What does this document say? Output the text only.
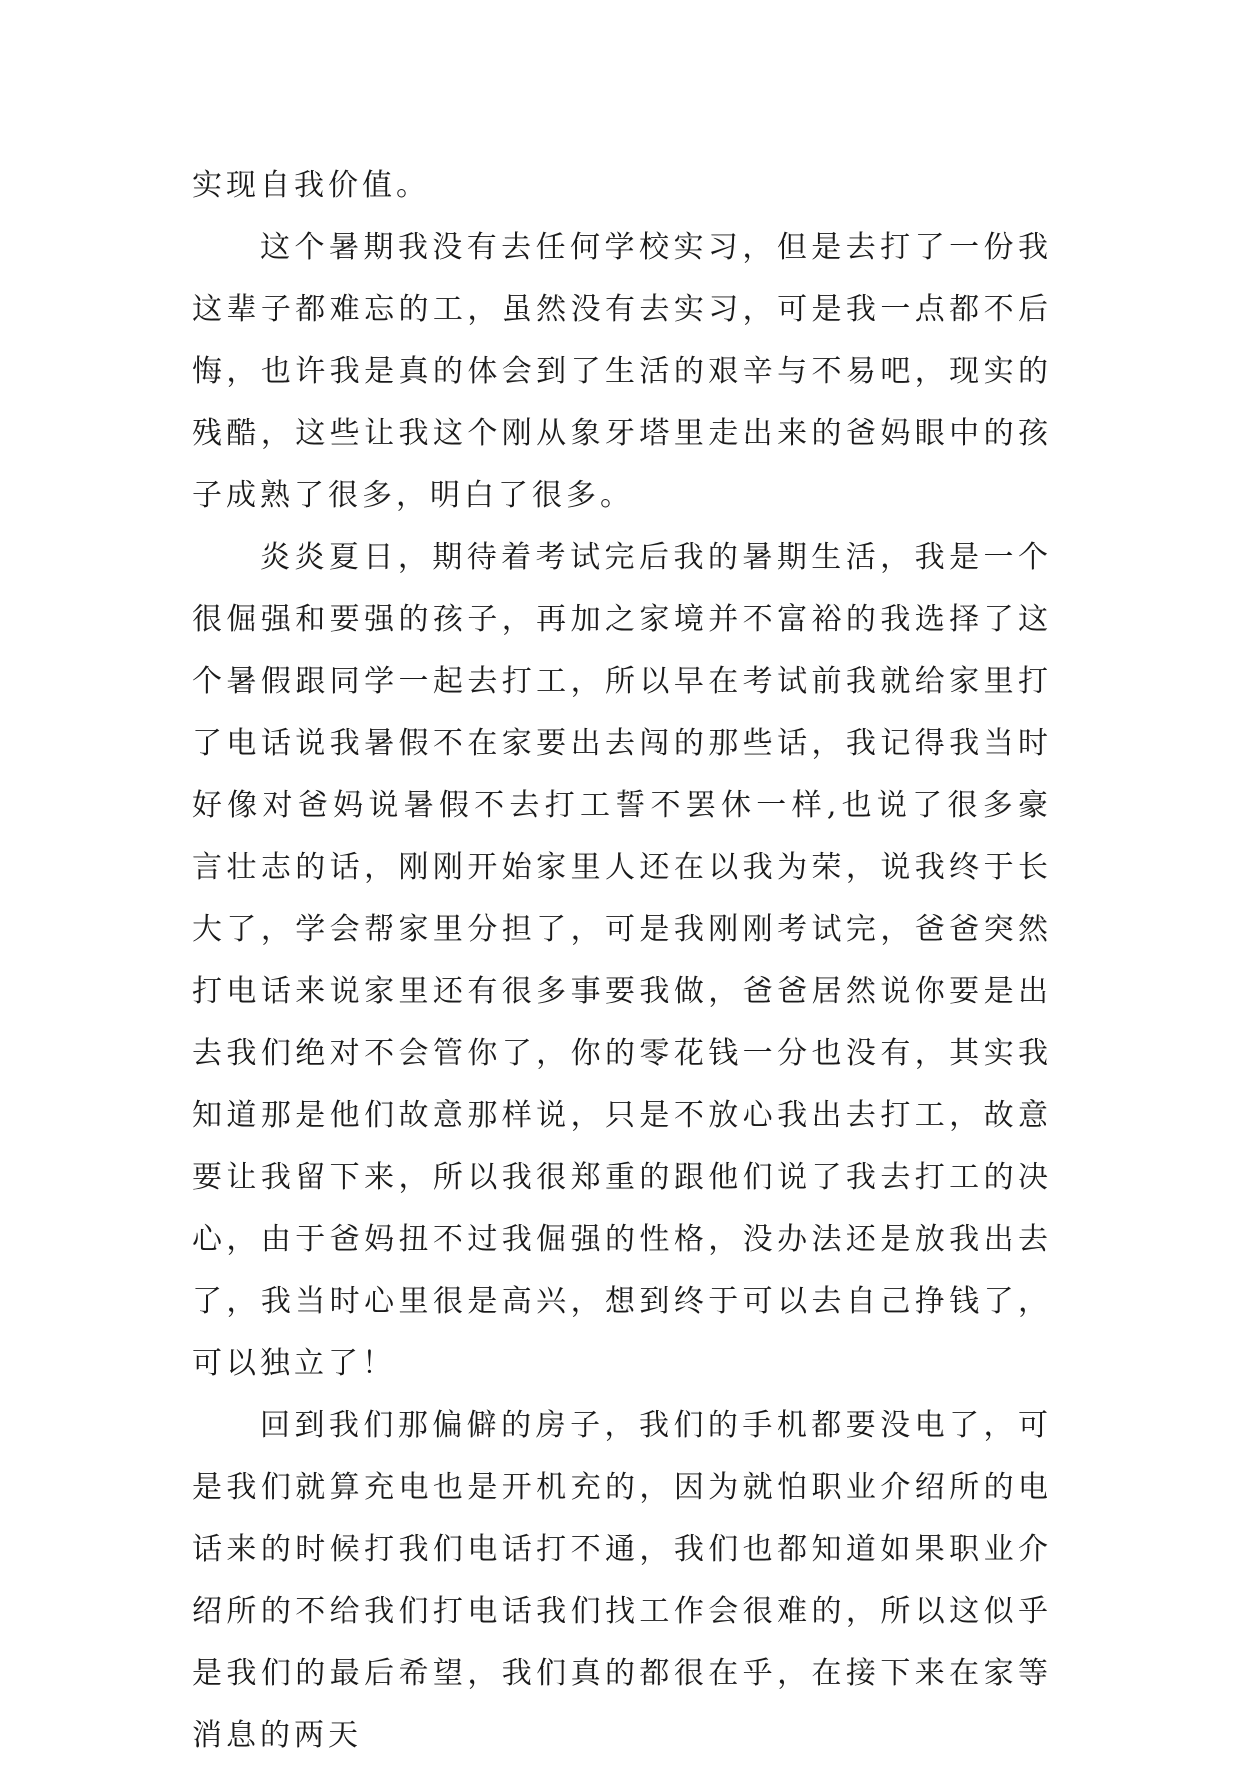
实现自我价值。

这个暑期我没有去任何学校实习，但是去打了一份我这辈子都难忘的工，虽然没有去实习，可是我一点都不后悔，也许我是真的体会到了生活的艰辛与不易吧，现实的残酷，这些让我这个刚从象牙塔里走出来的爸妈眼中的孩子成熟了很多，明白了很多。

炎炎夏日，期待着考试完后我的暑期生活，我是一个很倔强和要强的孩子，再加之家境并不富裕的我选择了这个暑假跟同学一起去打工，所以早在考试前我就给家里打了电话说我暑假不在家要出去闯的那些话，我记得我当时好像对爸妈说暑假不去打工誓不罢休一样,也说了很多豪言壮志的话，刚刚开始家里人还在以我为荣，说我终于长大了，学会帮家里分担了，可是我刚刚考试完，爸爸突然打电话来说家里还有很多事要我做，爸爸居然说你要是出去我们绝对不会管你了，你的零花钱一分也没有，其实我知道那是他们故意那样说，只是不放心我出去打工，故意要让我留下来，所以我很郑重的跟他们说了我去打工的决心，由于爸妈扭不过我倔强的性格，没办法还是放我出去了，我当时心里很是高兴，想到终于可以去自己挣钱了，可以独立了！

回到我们那偏僻的房子，我们的手机都要没电了，可是我们就算充电也是开机充的，因为就怕职业介绍所的电话来的时候打我们电话打不通，我们也都知道如果职业介绍所的不给我们打电话我们找工作会很难的，所以这似乎是我们的最后希望，我们真的都很在乎，在接下来在家等消息的两天
